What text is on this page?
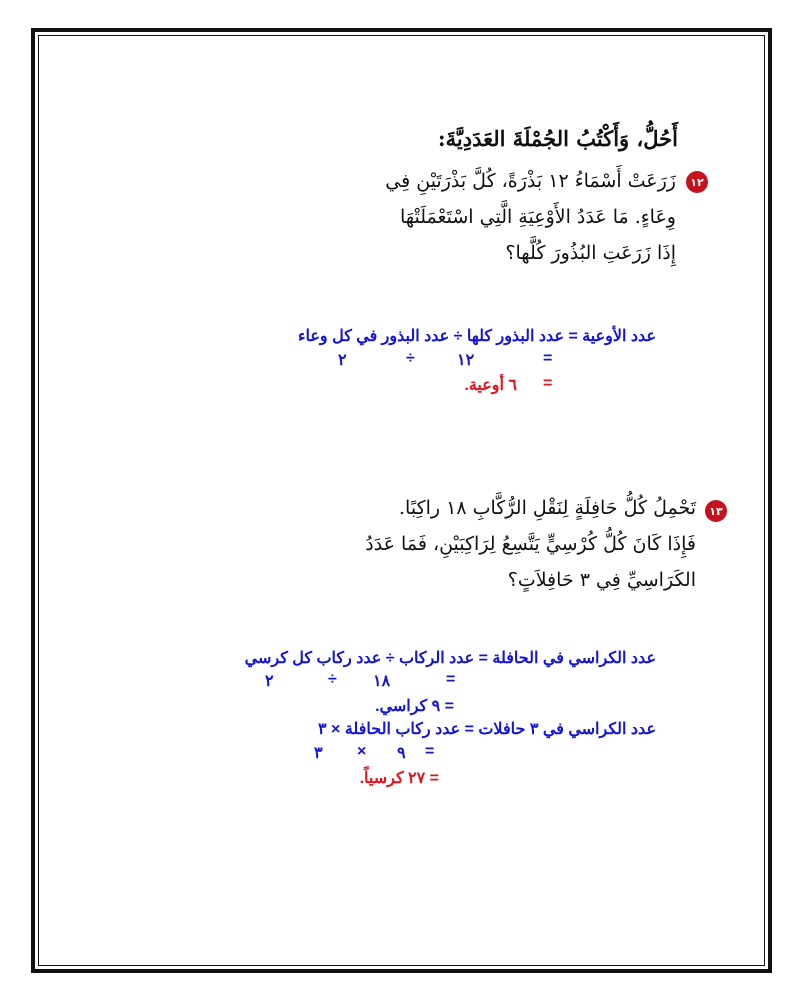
أَحُلُّ، وَأَكْتُبُ الجُمْلَةَ العَدَدِيَّةَ:
١٢
زَرَعَتْ أَسْمَاءُ ١٢ بَذْرَةً، كُلَّ بَذْرَتَيْنِ فِي
وِعَاءٍ. مَا عَدَدُ الأَوْعِيَةِ الَّتِي اسْتَعْمَلَتْهَا
إِذَا زَرَعَتِ البُذُورَ كُلَّها؟
عدد الأوعية = عدد البذور كلها ÷ عدد البذور في كل وعاء
=
١٢
÷
٢
=
٦ أوعية.
١٣
تَحْمِلُ كُلُّ حَافِلَةٍ لِنَقْلِ الرُّكَّابِ ١٨ راكِبًا.
فَإِذَا كَانَ كُلُّ كُرْسِيٍّ يَتَّسِعُ لِرَاكِبَيْنِ، فَمَا عَدَدُ
الكَرَاسِيِّ فِي ٣ حَافِلاَتٍ؟
عدد الكراسي في الحافلة = عدد الركاب ÷ عدد ركاب كل كرسي
=
١٨
÷
٢
= ٩ كراسي.
عدد الكراسي في ٣ حافلات = عدد ركاب الحافلة × ٣
=
٩
×
٣
= ٢٧ كرسياً.
